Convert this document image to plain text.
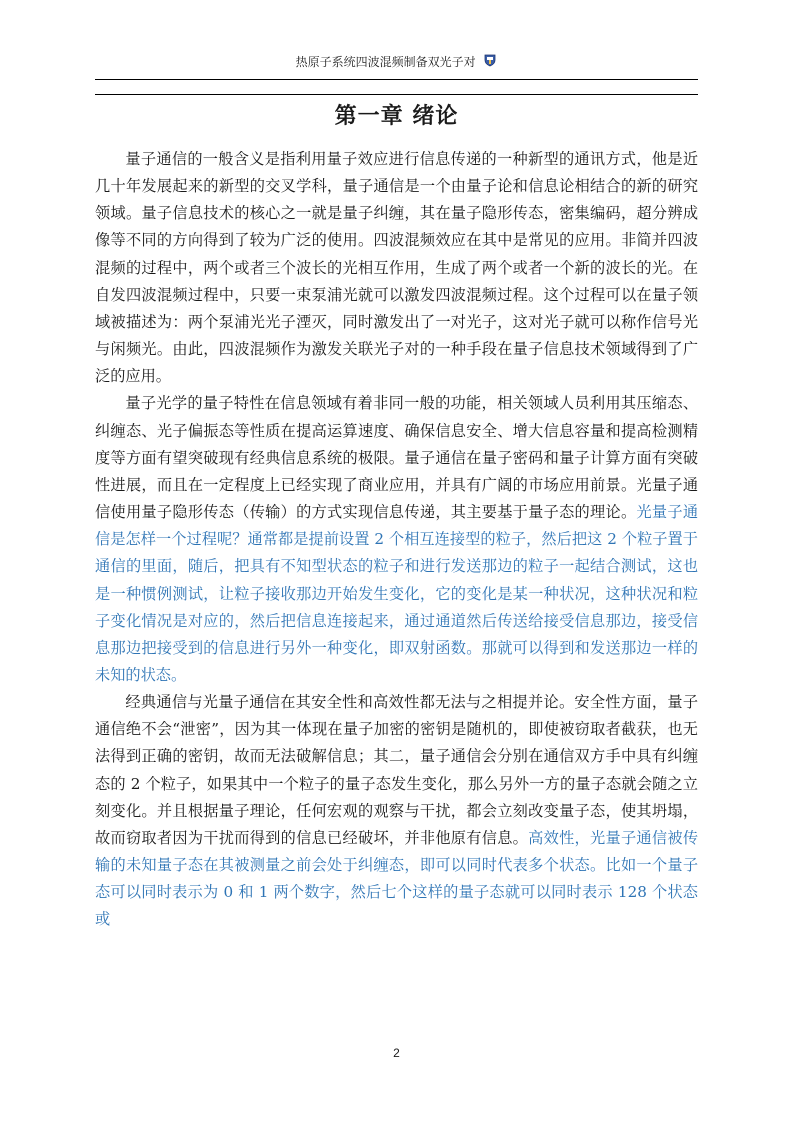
热原子系统四波混频制备双光子对
第一章 绪论

量子通信的一般含义是指利用量子效应进行信息传递的一种新型的通讯方式，他是近几十年发展起来的新型的交叉学科，量子通信是一个由量子论和信息论相结合的新的研究领域。量子信息技术的核心之一就是量子纠缠，其在量子隐形传态，密集编码，超分辨成像等不同的方向得到了较为广泛的使用。四波混频效应在其中是常见的应用。非简并四波混频的过程中，两个或者三个波长的光相互作用，生成了两个或者一个新的波长的光。在自发四波混频过程中，只要一束泵浦光就可以激发四波混频过程。这个过程可以在量子领域被描述为：两个泵浦光光子湮灭，同时激发出了一对光子，这对光子就可以称作信号光与闲频光。由此，四波混频作为激发关联光子对的一种手段在量子信息技术领域得到了广泛的应用。

量子光学的量子特性在信息领域有着非同一般的功能，相关领域人员利用其压缩态、纠缠态、光子偏振态等性质在提高运算速度、确保信息安全、增大信息容量和提高检测精度等方面有望突破现有经典信息系统的极限。量子通信在量子密码和量子计算方面有突破性进展，而且在一定程度上已经实现了商业应用，并具有广阔的市场应用前景。光量子通信使用量子隐形传态（传输）的方式实现信息传递，其主要基于量子态的理论。光量子通信是怎样一个过程呢？通常都是提前设置 2 个相互连接型的粒子，然后把这 2 个粒子置于通信的里面，随后，把具有不知型状态的粒子和进行发送那边的粒子一起结合测试，这也是一种惯例测试，让粒子接收那边开始发生变化，它的变化是某一种状况，这种状况和粒子变化情况是对应的，然后把信息连接起来，通过通道然后传送给接受信息那边，接受信息那边把接受到的信息进行另外一种变化，即双射函数。那就可以得到和发送那边一样的未知的状态。

经典通信与光量子通信在其安全性和高效性都无法与之相提并论。安全性方面，量子通信绝不会“泄密”，因为其一体现在量子加密的密钥是随机的，即使被窃取者截获，也无法得到正确的密钥，故而无法破解信息；其二，量子通信会分别在通信双方手中具有纠缠态的 2 个粒子，如果其中一个粒子的量子态发生变化，那么另外一方的量子态就会随之立刻变化。并且根据量子理论，任何宏观的观察与干扰，都会立刻改变量子态，使其坍塌，故而窃取者因为干扰而得到的信息已经破坏，并非他原有信息。高效性，光量子通信被传输的未知量子态在其被测量之前会处于纠缠态，即可以同时代表多个状态。比如一个量子态可以同时表示为 0 和 1 两个数字，然后七个这样的量子态就可以同时表示 128 个状态或

2
